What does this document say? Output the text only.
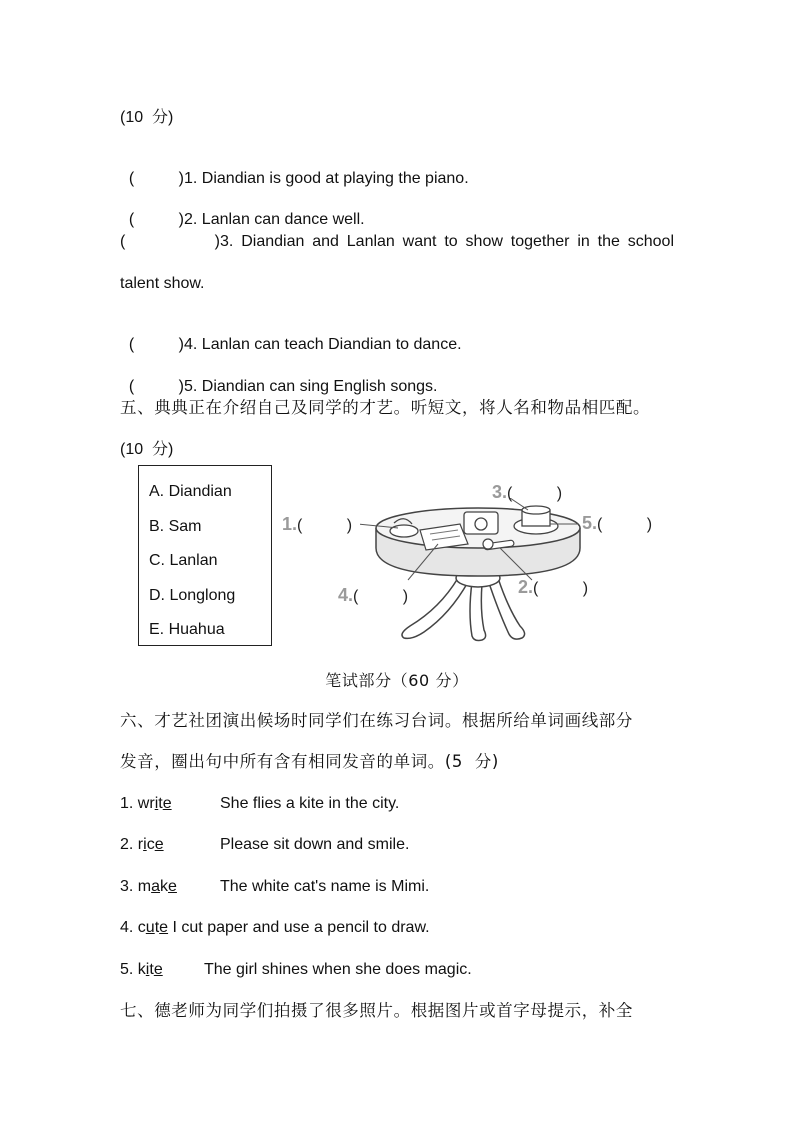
(10  分)

(          )1. Diandian is good at playing the piano.

(          )2. Lanlan can dance well.

(            )3. Diandian and Lanlan want to show together in the school
talent show.

(          )4. Lanlan can teach Diandian to dance.

(          )5. Diandian can sing English songs.

五、典典正在介绍自己及同学的才艺。听短文，将人名和物品相匹配。
(10  分)
A. Diandian
B. Sam
C. Lanlan
D. Longlong
E. Huahua
1.(          )
2.(          )
3.(          )
4.(          )
5.(          )
笔试部分（60 分）
六、才艺社团演出候场时同学们在练习台词。根据所给单词画线部分
发音，圈出句中所有含有相同发音的单词。(5  分)
1. write	She flies a kite in the city.
2. rice	Please sit down and smile.
3. make	The white cat's name is Mimi.
4. cute I cut paper and use a pencil to draw.
5. kite	The girl shines when she does magic.
七、德老师为同学们拍摄了很多照片。根据图片或首字母提示，补全
